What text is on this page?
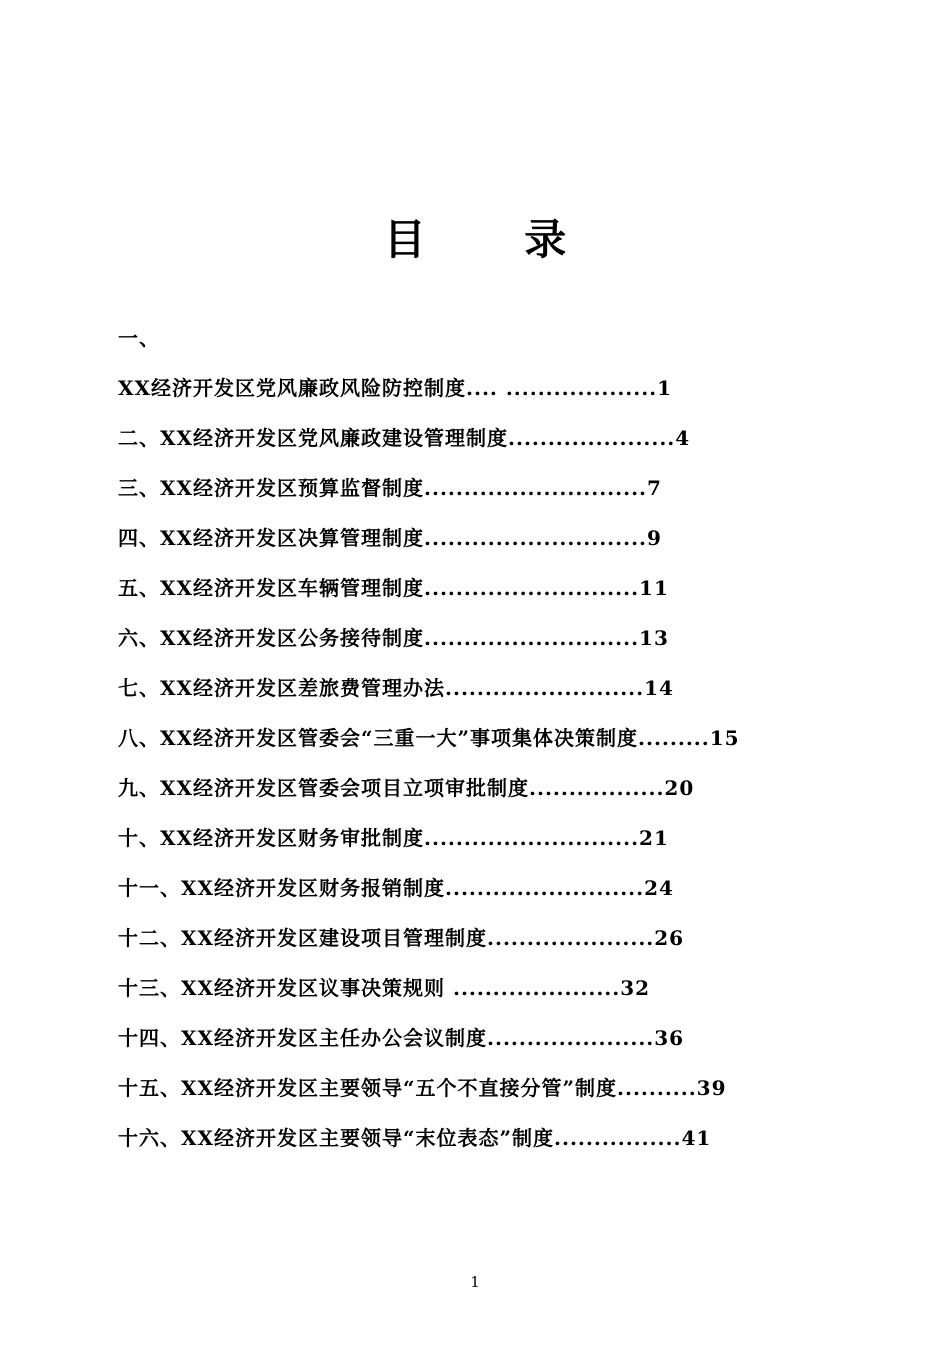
目 录
一、
XX经济开发区党风廉政风险防控制度.... ...................1
二、XX经济开发区党风廉政建设管理制度.....................4
三、XX经济开发区预算监督制度............................7
四、XX经济开发区决算管理制度............................9
五、XX经济开发区车辆管理制度...........................11
六、XX经济开发区公务接待制度...........................13
七、XX经济开发区差旅费管理办法.........................14
八、XX经济开发区管委会“三重一大”事项集体决策制度.........15
九、XX经济开发区管委会项目立项审批制度.................20
十、XX经济开发区财务审批制度...........................21
十一、XX经济开发区财务报销制度.........................24
十二、XX经济开发区建设项目管理制度.....................26
十三、XX经济开发区议事决策规则 .....................32
十四、XX经济开发区主任办公会议制度.....................36
十五、XX经济开发区主要领导“五个不直接分管”制度..........39
十六、XX经济开发区主要领导“末位表态”制度................41
1
